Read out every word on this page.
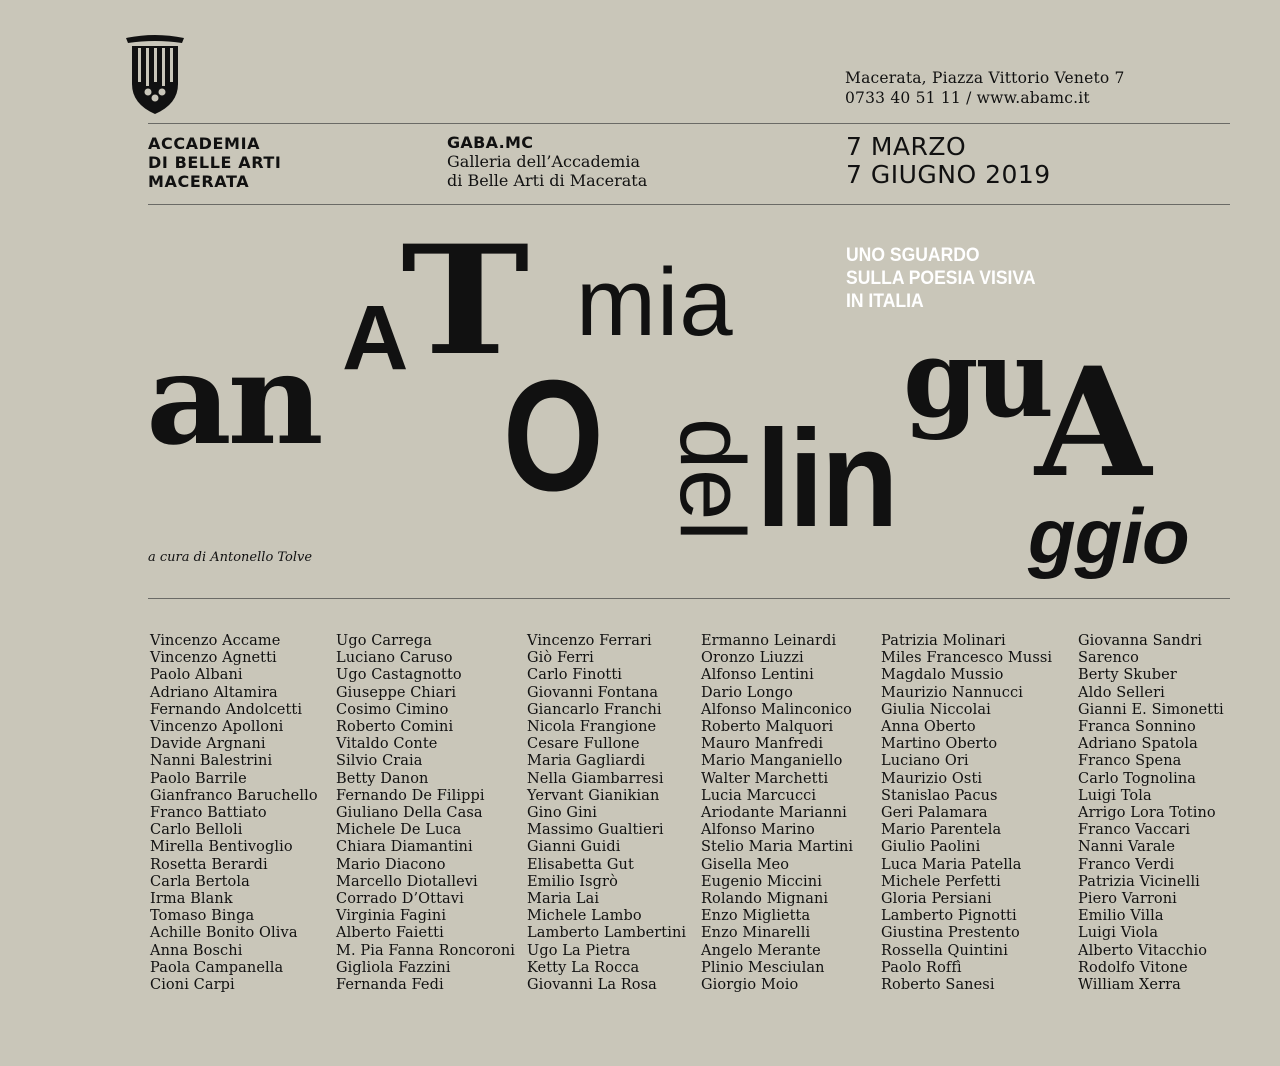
Macerata, Piazza Vittorio Veneto 7
0733 40 51 11 / www.abamc.it
ACCADEMIA
DI BELLE ARTI
MACERATA
GABA.MC
Galleria dell’Accademia
di Belle Arti di Macerata
7 MARZO
7 GIUGNO 2019
UNO SGUARDO
SULLA POESIA VISIVA
IN ITALIA
an A
T
O
mia
del
lin
gu
A
ggio
a cura di Antonello Tolve
Vincenzo Accame
Vincenzo Agnetti
Paolo Albani
Adriano Altamira
Fernando Andolcetti
Vincenzo Apolloni
Davide Argnani
Nanni Balestrini
Paolo Barrile
Gianfranco Baruchello
Franco Battiato
Carlo Belloli
Mirella Bentivoglio
Rosetta Berardi
Carla Bertola
Irma Blank
Tomaso Binga
Achille Bonito Oliva
Anna Boschi
Paola Campanella
Cioni Carpi
Ugo Carrega
Luciano Caruso
Ugo Castagnotto
Giuseppe Chiari
Cosimo Cimino
Roberto Comini
Vitaldo Conte
Silvio Craia
Betty Danon
Fernando De Filippi
Giuliano Della Casa
Michele De Luca
Chiara Diamantini
Mario Diacono
Marcello Diotallevi
Corrado D’Ottavi
Virginia Fagini
Alberto Faietti
M. Pia Fanna Roncoroni
Gigliola Fazzini
Fernanda Fedi
Vincenzo Ferrari
Giò Ferri
Carlo Finotti
Giovanni Fontana
Giancarlo Franchi
Nicola Frangione
Cesare Fullone
Maria Gagliardi
Nella Giambarresi
Yervant Gianikian
Gino Gini
Massimo Gualtieri
Gianni Guidi
Elisabetta Gut
Emilio Isgrò
Maria Lai
Michele Lambo
Lamberto Lambertini
Ugo La Pietra
Ketty La Rocca
Giovanni La Rosa
Ermanno Leinardi
Oronzo Liuzzi
Alfonso Lentini
Dario Longo
Alfonso Malinconico
Roberto Malquori
Mauro Manfredi
Mario Manganiello
Walter Marchetti
Lucia Marcucci
Ariodante Marianni
Alfonso Marino
Stelio Maria Martini
Gisella Meo
Eugenio Miccini
Rolando Mignani
Enzo Miglietta
Enzo Minarelli
Angelo Merante
Plinio Mesciulan
Giorgio Moio
Patrizia Molinari
Miles Francesco Mussi
Magdalo Mussio
Maurizio Nannucci
Giulia Niccolai
Anna Oberto
Martino Oberto
Luciano Ori
Maurizio Osti
Stanislao Pacus
Geri Palamara
Mario Parentela
Giulio Paolini
Luca Maria Patella
Michele Perfetti
Gloria Persiani
Lamberto Pignotti
Giustina Prestento
Rossella Quintini
Paolo Roffì
Roberto Sanesi
Giovanna Sandri
Sarenco
Berty Skuber
Aldo Selleri
Gianni E. Simonetti
Franca Sonnino
Adriano Spatola
Franco Spena
Carlo Tognolina
Luigi Tola
Arrigo Lora Totino
Franco Vaccari
Nanni Varale
Franco Verdi
Patrizia Vicinelli
Piero Varroni
Emilio Villa
Luigi Viola
Alberto Vitacchio
Rodolfo Vitone
William Xerra
